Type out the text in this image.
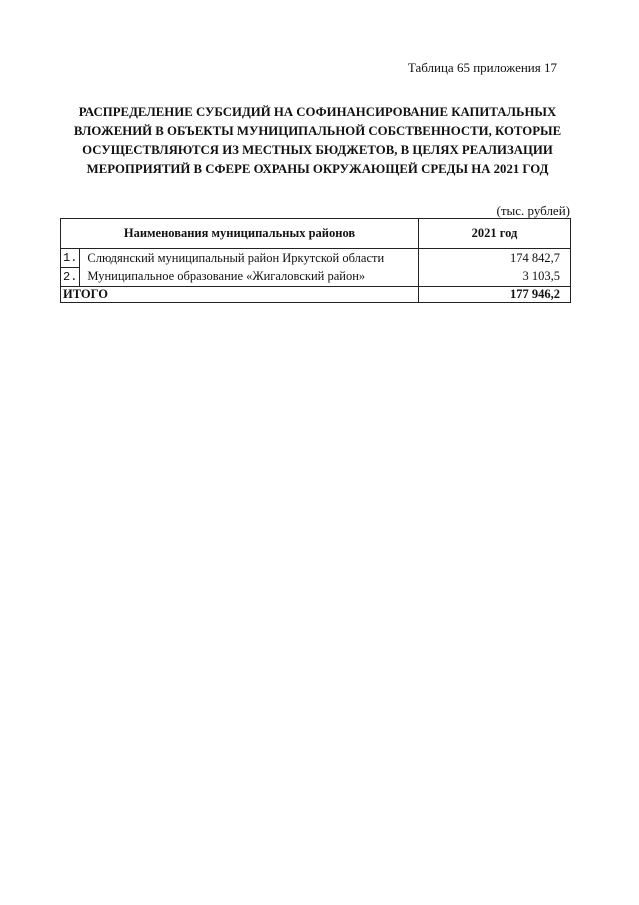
Таблица 65 приложения 17
РАСПРЕДЕЛЕНИЕ СУБСИДИЙ НА СОФИНАНСИРОВАНИЕ КАПИТАЛЬНЫХ
ВЛОЖЕНИЙ В ОБЪЕКТЫ МУНИЦИПАЛЬНОЙ СОБСТВЕННОСТИ, КОТОРЫЕ
ОСУЩЕСТВЛЯЮТСЯ ИЗ МЕСТНЫХ БЮДЖЕТОВ, В ЦЕЛЯХ РЕАЛИЗАЦИИ
МЕРОПРИЯТИЙ В СФЕРЕ ОХРАНЫ ОКРУЖАЮЩЕЙ СРЕДЫ НА 2021 ГОД
(тыс. рублей)
Наименования муниципальных районов		2021 год
1.	Слюдянский муниципальный район Иркутской области	174 842,7
2.	Муниципальное образование «Жигаловский район»	3 103,5
ИТОГО		177 946,2
